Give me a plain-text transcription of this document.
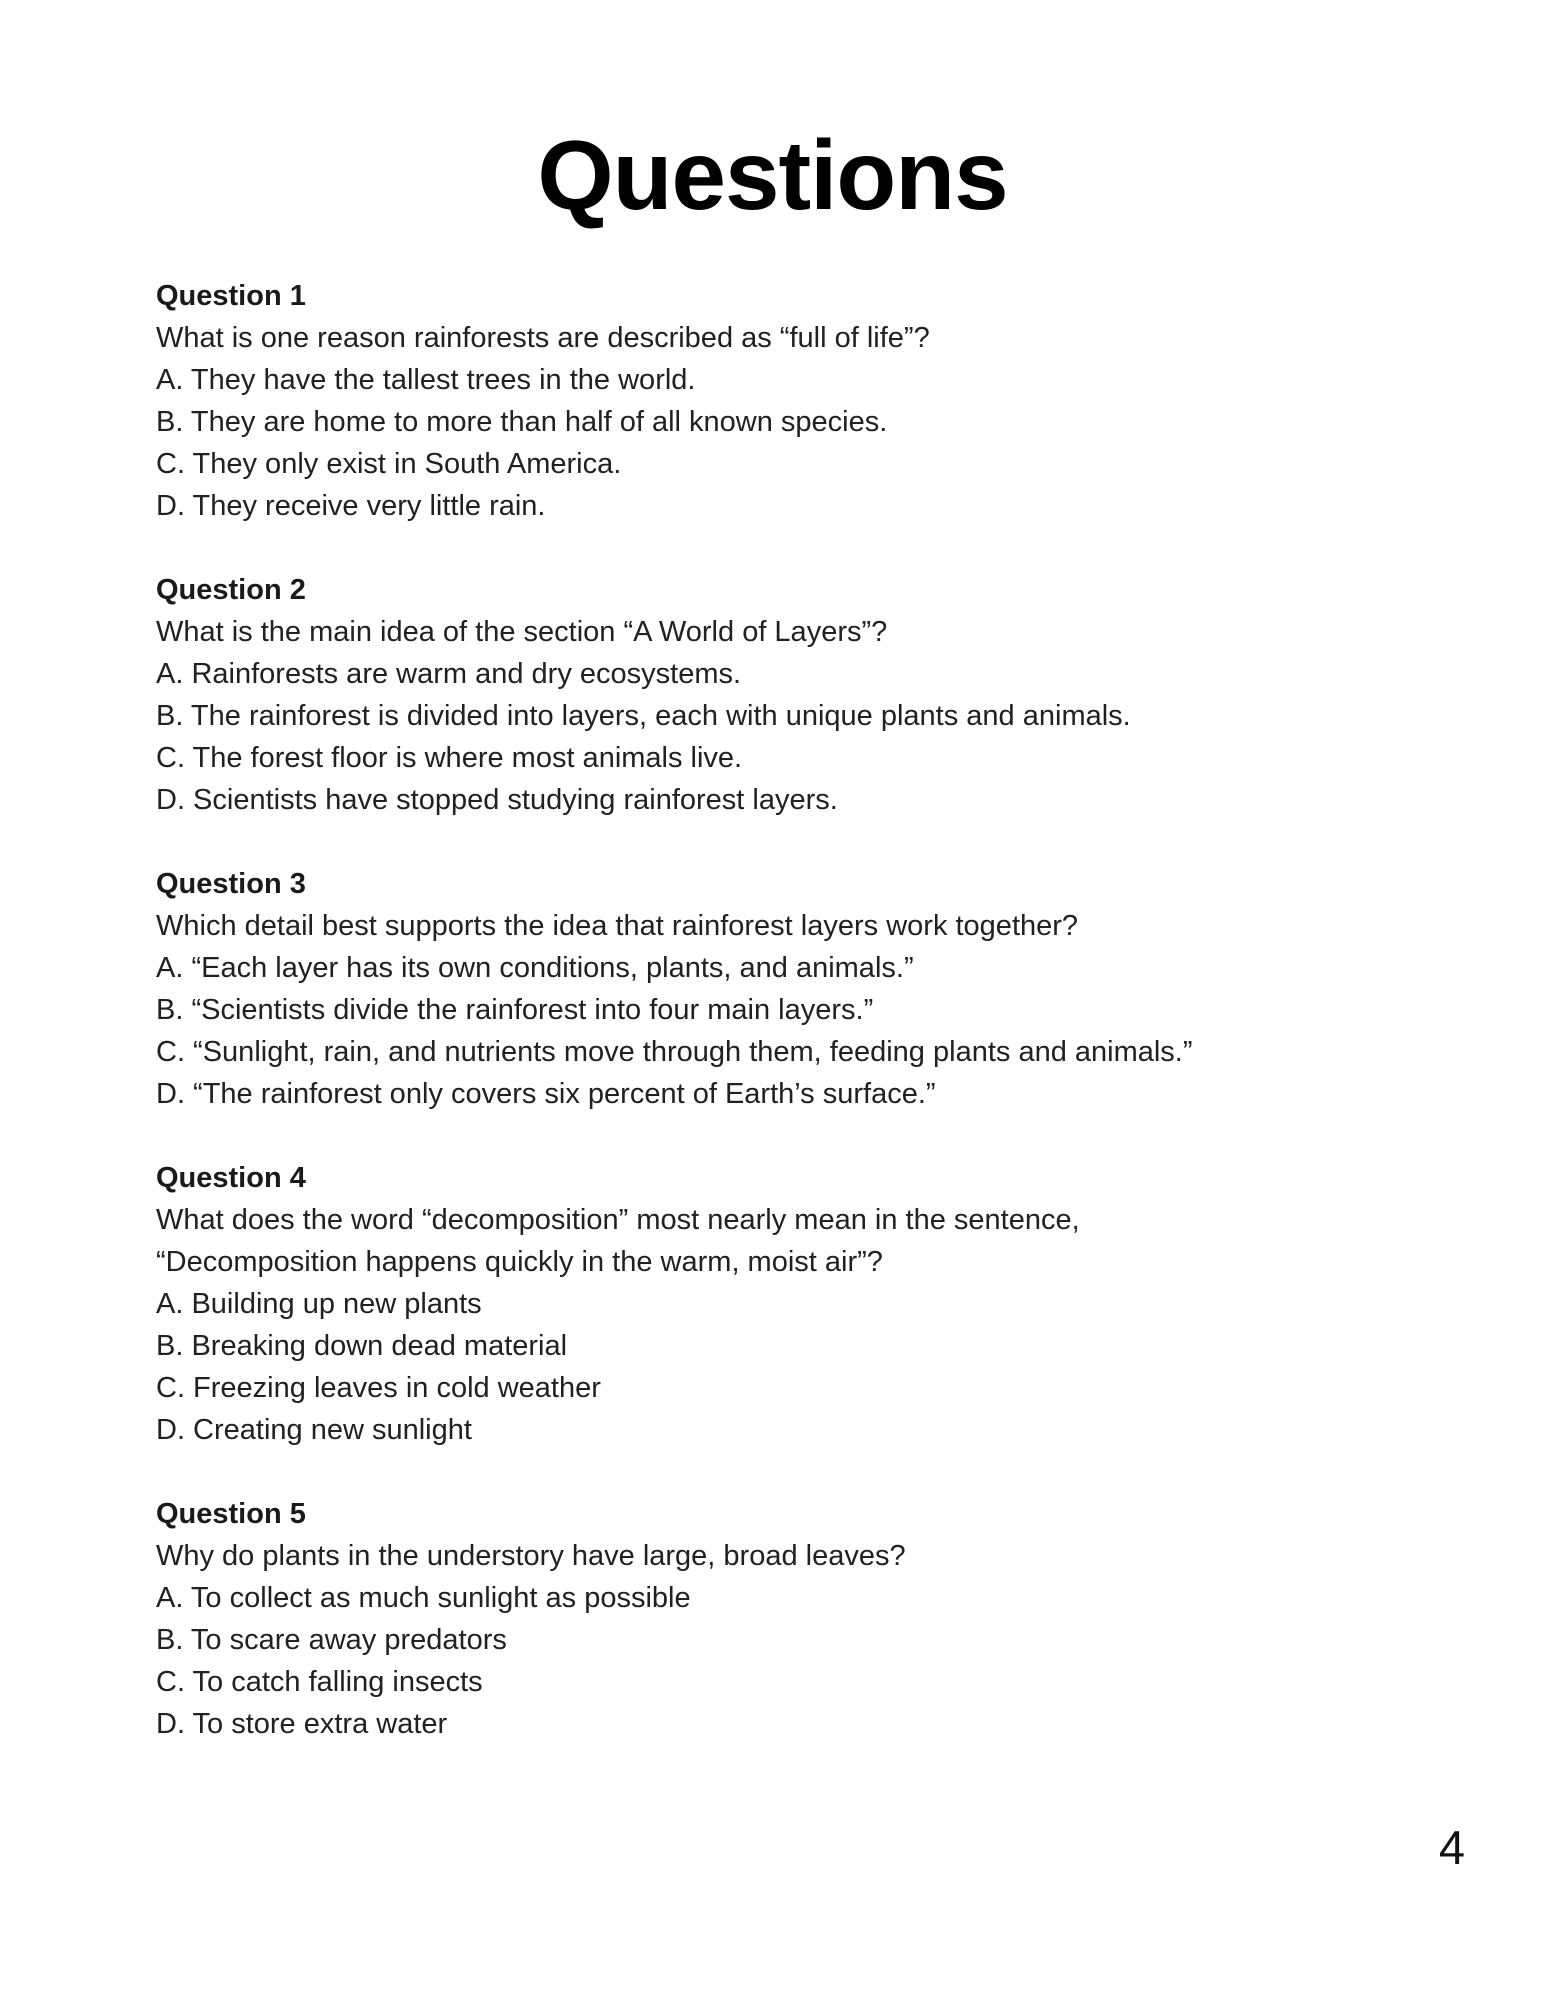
Questions
Question 1
What is one reason rainforests are described as “full of life”?
A. They have the tallest trees in the world.
B. They are home to more than half of all known species.
C. They only exist in South America.
D. They receive very little rain.
Question 2
What is the main idea of the section “A World of Layers”?
A. Rainforests are warm and dry ecosystems.
B. The rainforest is divided into layers, each with unique plants and animals.
C. The forest floor is where most animals live.
D. Scientists have stopped studying rainforest layers.
Question 3
Which detail best supports the idea that rainforest layers work together?
A. “Each layer has its own conditions, plants, and animals.”
B. “Scientists divide the rainforest into four main layers.”
C. “Sunlight, rain, and nutrients move through them, feeding plants and animals.”
D. “The rainforest only covers six percent of Earth’s surface.”
Question 4
What does the word “decomposition” most nearly mean in the sentence,
“Decomposition happens quickly in the warm, moist air”?
A. Building up new plants
B. Breaking down dead material
C. Freezing leaves in cold weather
D. Creating new sunlight
Question 5
Why do plants in the understory have large, broad leaves?
A. To collect as much sunlight as possible
B. To scare away predators
C. To catch falling insects
D. To store extra water
4
